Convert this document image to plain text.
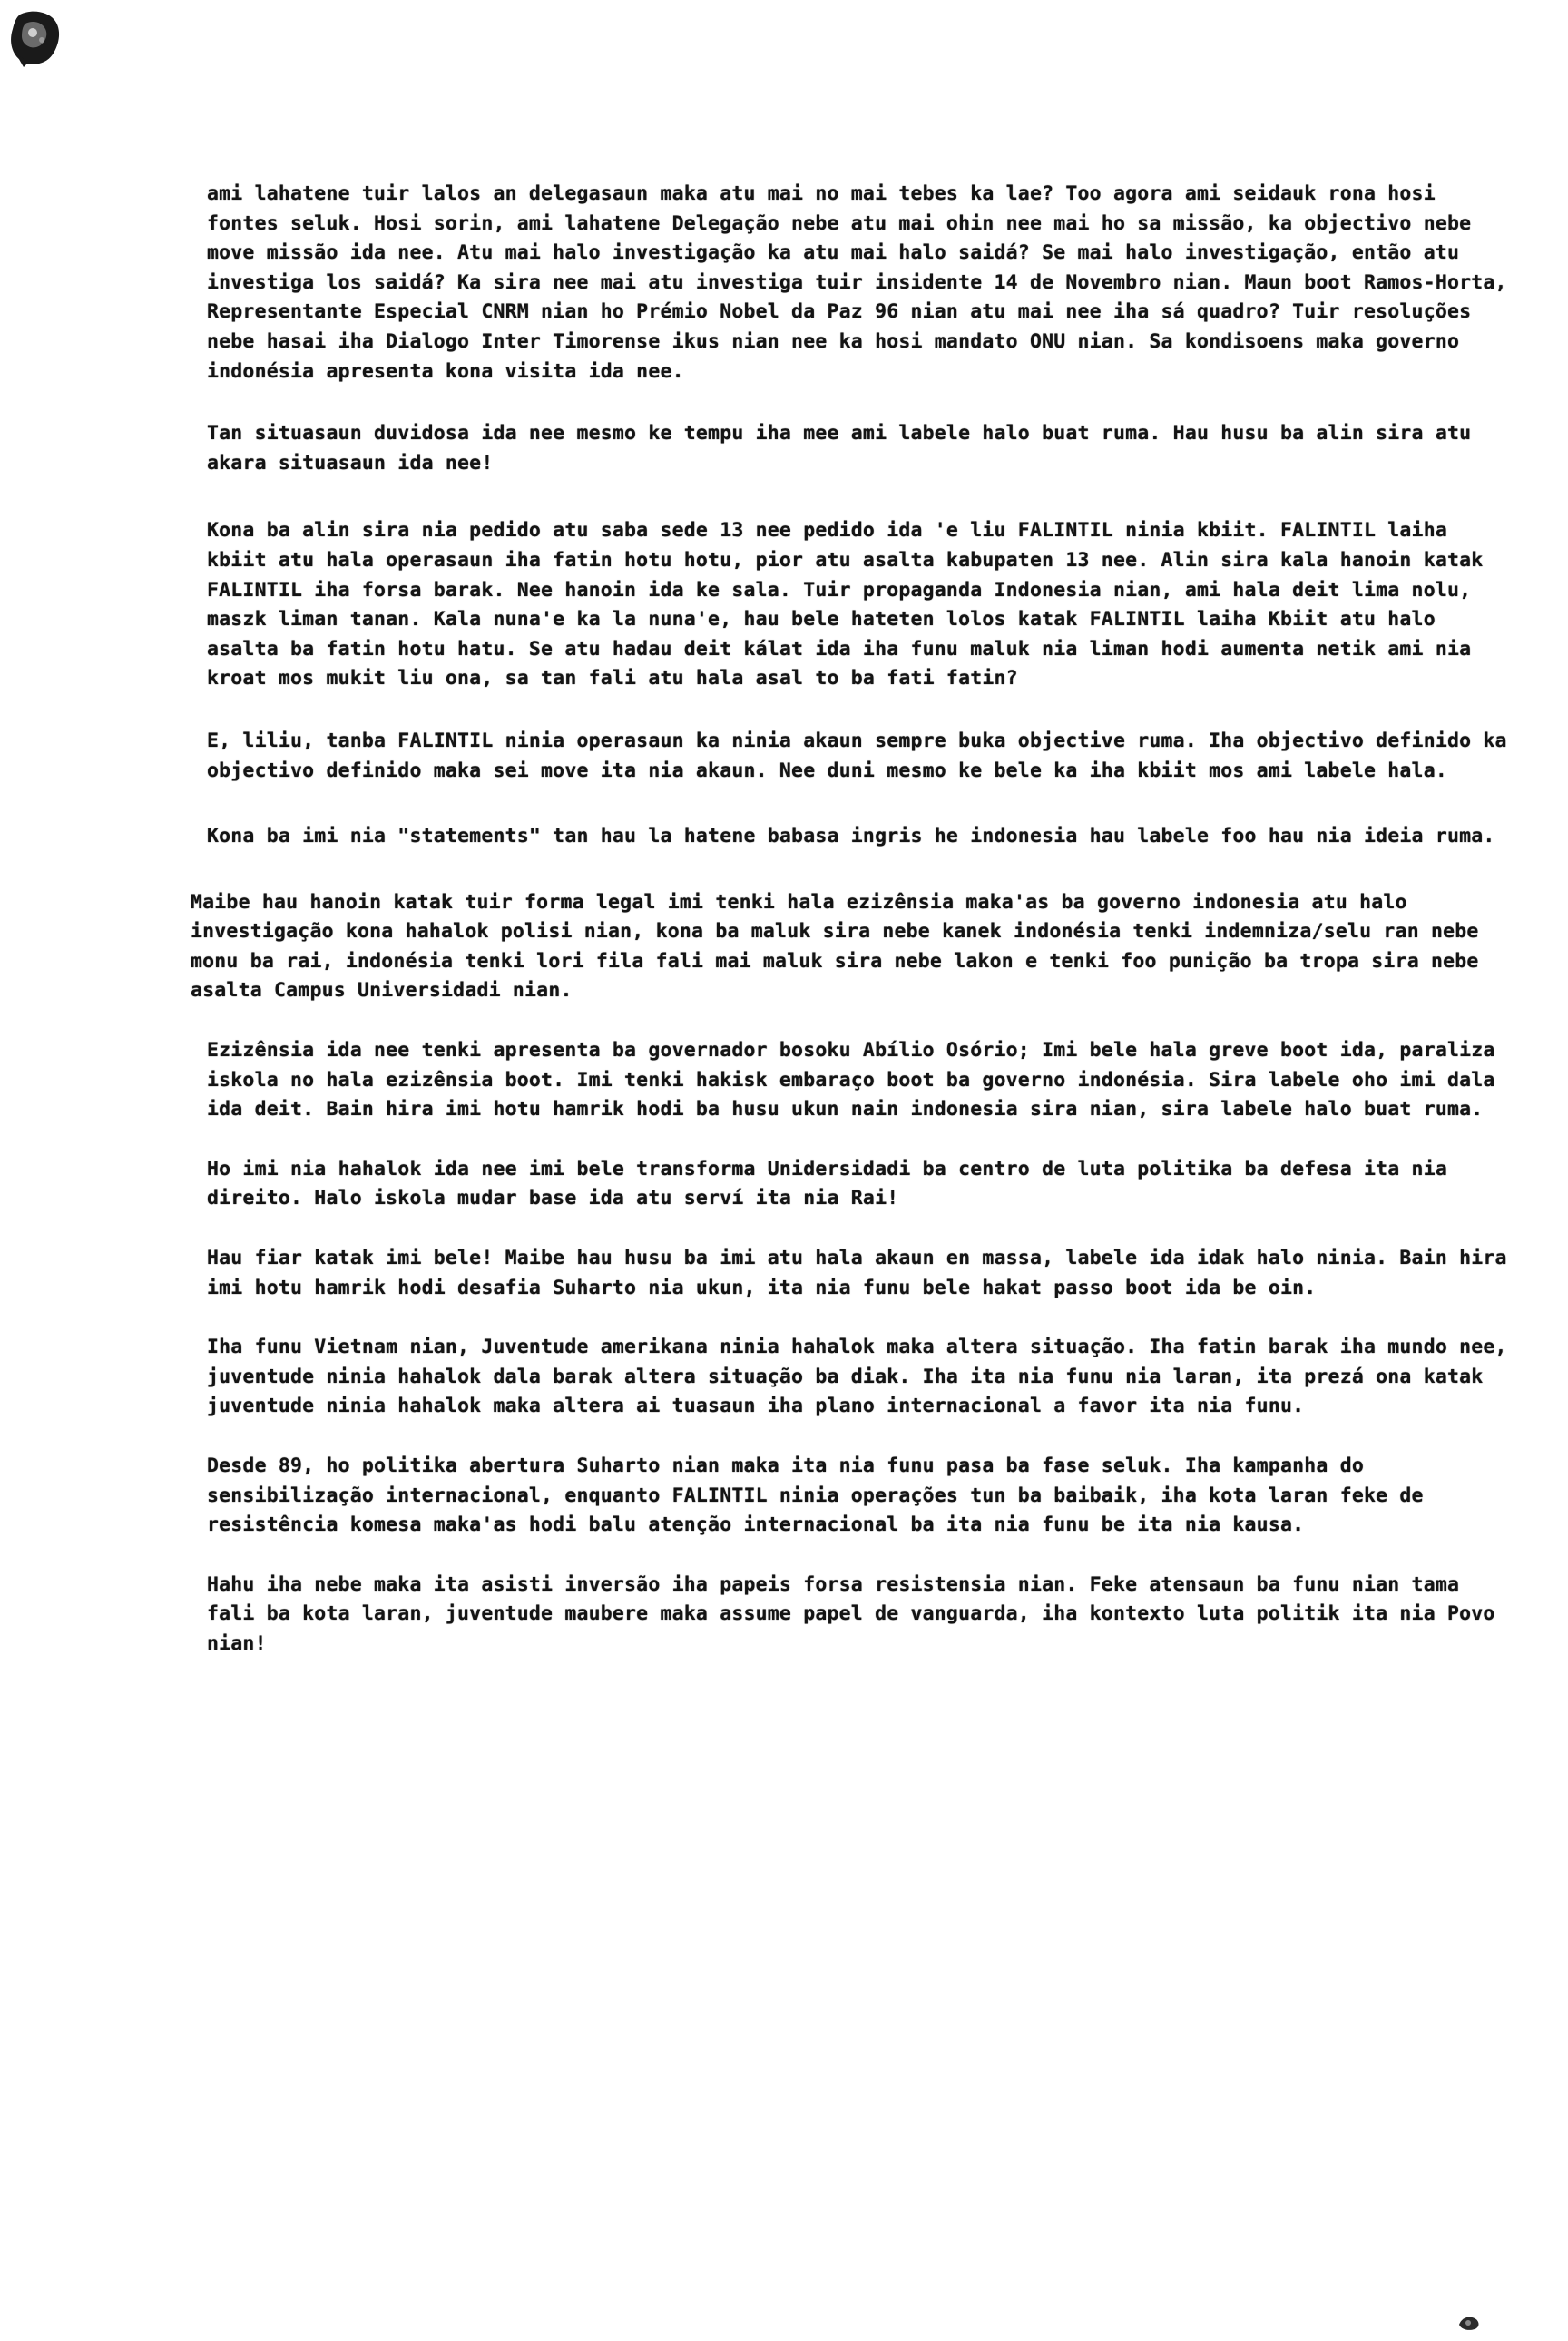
ami lahatene tuir lalos an delegasaun maka atu mai no mai tebes ka lae? Too agora ami seidauk rona hosi fontes seluk. Hosi sorin, ami lahatene Delegação nebe atu mai ohin nee mai ho sa missão, ka objectivo nebe move missão ida nee. Atu mai halo investigação ka atu mai halo saidá? Se mai halo investigação, então atu investiga los saidá? Ka sira nee mai atu investiga tuir insidente 14 de Novembro nian. Maun boot Ramos-Horta, Representante Especial CNRM nian ho Prémio Nobel da Paz 96 nian atu mai nee iha sá quadro? Tuir resoluções nebe hasai iha Dialogo Inter Timorense ikus nian nee ka hosi mandato ONU nian. Sa kondisoens maka governo indonésia apresenta kona visita ida nee.

Tan situasaun duvidosa ida nee mesmo ke tempu iha mee ami labele halo buat ruma. Hau husu ba alin sira atu akara situasaun ida nee!

Kona ba alin sira nia pedido atu saba sede 13 nee pedido ida 'e liu FALINTIL ninia kbiit. FALINTIL laiha kbiit atu hala operasaun iha fatin hotu hotu, pior atu asalta kabupaten 13 nee. Alin sira kala hanoin katak FALINTIL iha forsa barak. Nee hanoin ida ke sala. Tuir propaganda Indonesia nian, ami hala deit lima nolu, maszk liman tanan. Kala nuna'e ka la nuna'e, hau bele hateten lolos katak FALINTIL laiha Kbiit atu halo asalta ba fatin hotu hatu. Se atu hadau deit kálat ida iha funu maluk nia liman hodi aumenta netik ami nia kroat mos mukit liu ona, sa tan fali atu hala asal to ba fati fatin?

E, liliu, tanba FALINTIL ninia operasaun ka ninia akaun sempre buka objective ruma. Iha objectivo definido ka objectivo definido maka sei move ita nia akaun. Nee duni mesmo ke bele ka iha kbiit mos ami labele hala.

Kona ba imi nia "statements" tan hau la hatene babasa ingris he indonesia hau labele foo hau nia ideia ruma.

Maibe hau hanoin katak tuir forma legal imi tenki hala ezizênsia maka'as ba governo indonesia atu halo investigação kona hahalok polisi nian, kona ba maluk sira nebe kanek indonésia tenki indemniza/selu ran nebe monu ba rai, indonésia tenki lori fila fali mai maluk sira nebe lakon e tenki foo punição ba tropa sira nebe asalta Campus Universidadi nian.

Ezizênsia ida nee tenki apresenta ba governador bosoku Abílio Osório; Imi bele hala greve boot ida, paraliza iskola no hala ezizênsia boot. Imi tenki hakisk embaraço boot ba governo indonésia. Sira labele oho imi dala ida deit. Bain hira imi hotu hamrik hodi ba husu ukun nain indonesia sira nian, sira labele halo buat ruma.

Ho imi nia hahalok ida nee imi bele transforma Unidersidadi ba centro de luta politika ba defesa ita nia direito. Halo iskola mudar base ida atu serví ita nia Rai!

Hau fiar katak imi bele! Maibe hau husu ba imi atu hala akaun en massa, labele ida idak halo ninia. Bain hira imi hotu hamrik hodi desafia Suharto nia ukun, ita nia funu bele hakat passo boot ida be oin.

Iha funu Vietnam nian, Juventude amerikana ninia hahalok maka altera situação. Iha fatin barak iha mundo nee, juventude ninia hahalok dala barak altera situação ba diak. Iha ita nia funu nia laran, ita prezá ona katak juventude ninia hahalok maka altera ai tuasaun iha plano internacional a favor ita nia funu.

Desde 89, ho politika abertura Suharto nian maka ita nia funu pasa ba fase seluk. Iha kampanha do sensibilização internacional, enquanto FALINTIL ninia operações tun ba baibaik, iha kota laran feke de resistência komesa maka'as hodi balu atenção internacional ba ita nia funu be ita nia kausa.

Hahu iha nebe maka ita asisti inversão iha papeis forsa resistensia nian. Feke atensaun ba funu nian tama fali ba kota laran, juventude maubere maka assume papel de vanguarda, iha kontexto luta politik ita nia Povo nian!
